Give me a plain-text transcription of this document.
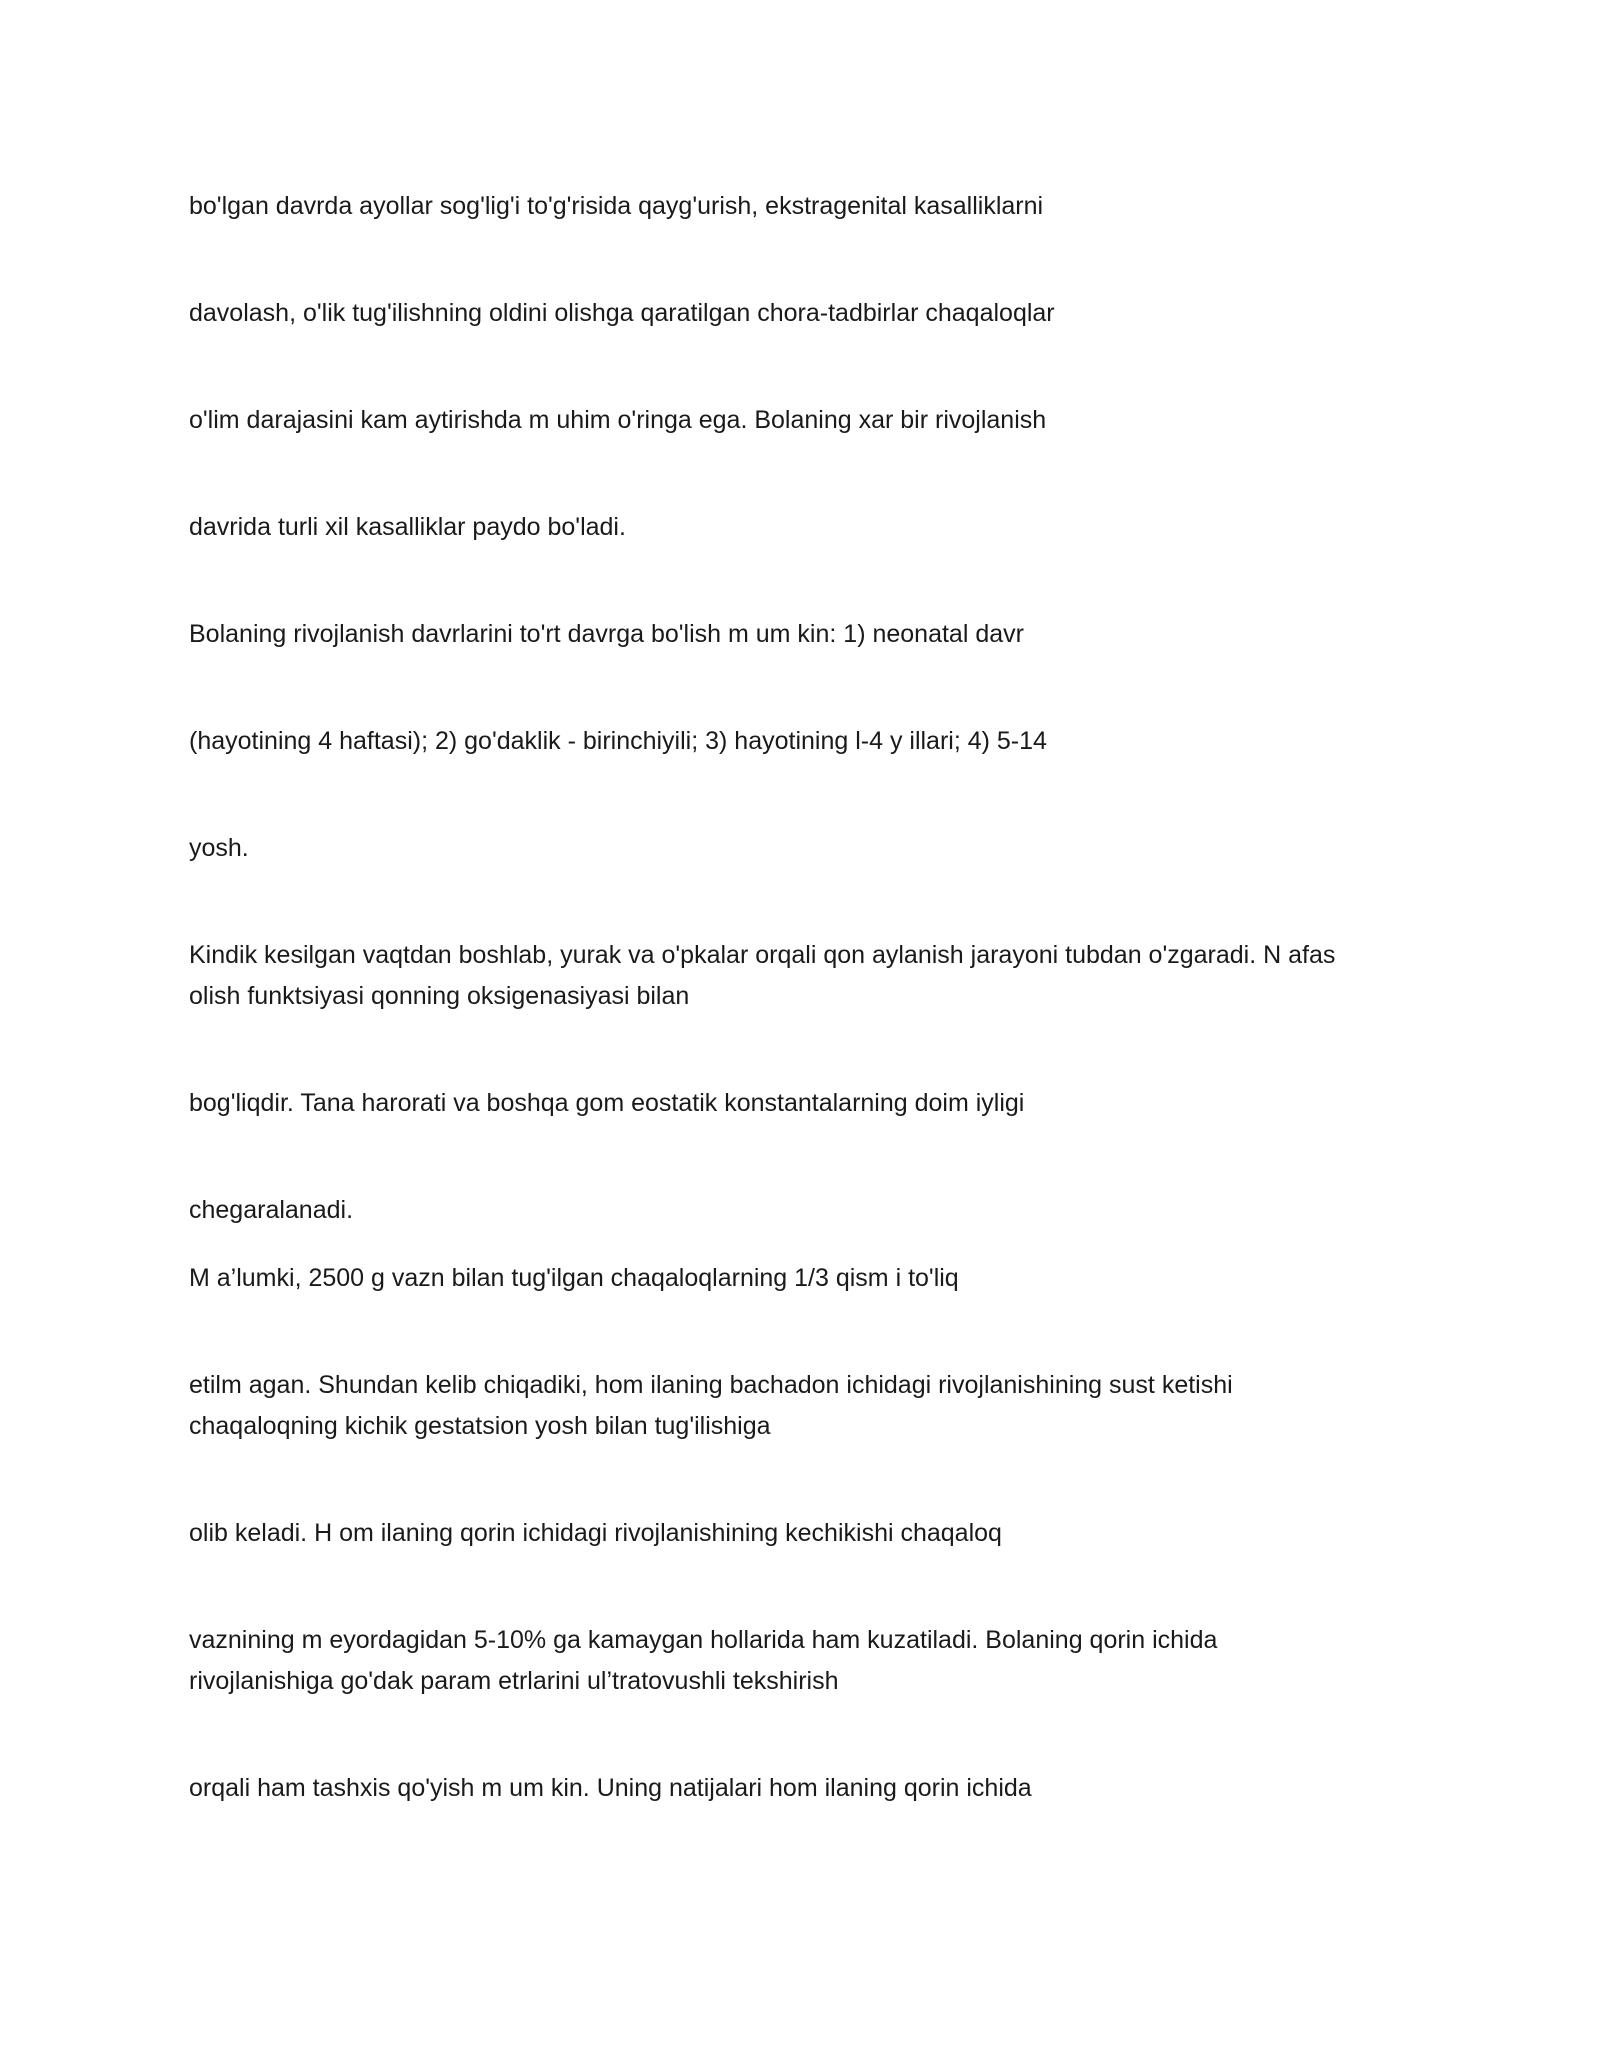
bo'lgan davrda ayollar sog'lig'i to'g'risida qayg'urish, ekstragenital kasalliklarni

davolash, o'lik tug'ilishning oldini olishga qaratilgan chora-tadbirlar chaqaloqlar

o'lim darajasini kam aytirishda m uhim o'ringa ega. Bolaning xar bir rivojlanish

davrida turli xil kasalliklar paydo bo'ladi.

Bolaning rivojlanish davrlarini to'rt davrga bo'lish m um kin: 1) neonatal davr

(hayotining 4 haftasi); 2) go'daklik - birinchiyili; 3) hayotining l-4 y illari; 4) 5-14

yosh.

Kindik kesilgan vaqtdan boshlab, yurak va o'pkalar orqali qon aylanish jarayoni tubdan o'zgaradi. N afas

olish funktsiyasi qonning oksigenasiyasi bilan

bog'liqdir. Tana harorati va boshqa gom eostatik konstantalarning doim iyligi

chegaralanadi.

M a’lumki, 2500 g vazn bilan tug'ilgan chaqaloqlarning 1/3 qism i to'liq

etilm agan. Shundan kelib chiqadiki, hom ilaning bachadon ichidagi rivojlanishining sust ketishi

chaqaloqning kichik gestatsion yosh bilan tug'ilishiga

olib keladi. H om ilaning qorin ichidagi rivojlanishining kechikishi chaqaloq

vaznining m eyordagidan 5-10% ga kamaygan hollarida ham kuzatiladi. Bolaning qorin ichida

rivojlanishiga go'dak param etrlarini ul’tratovushli tekshirish

orqali ham tashxis qo'yish m um kin. Uning natijalari hom ilaning qorin ichida
